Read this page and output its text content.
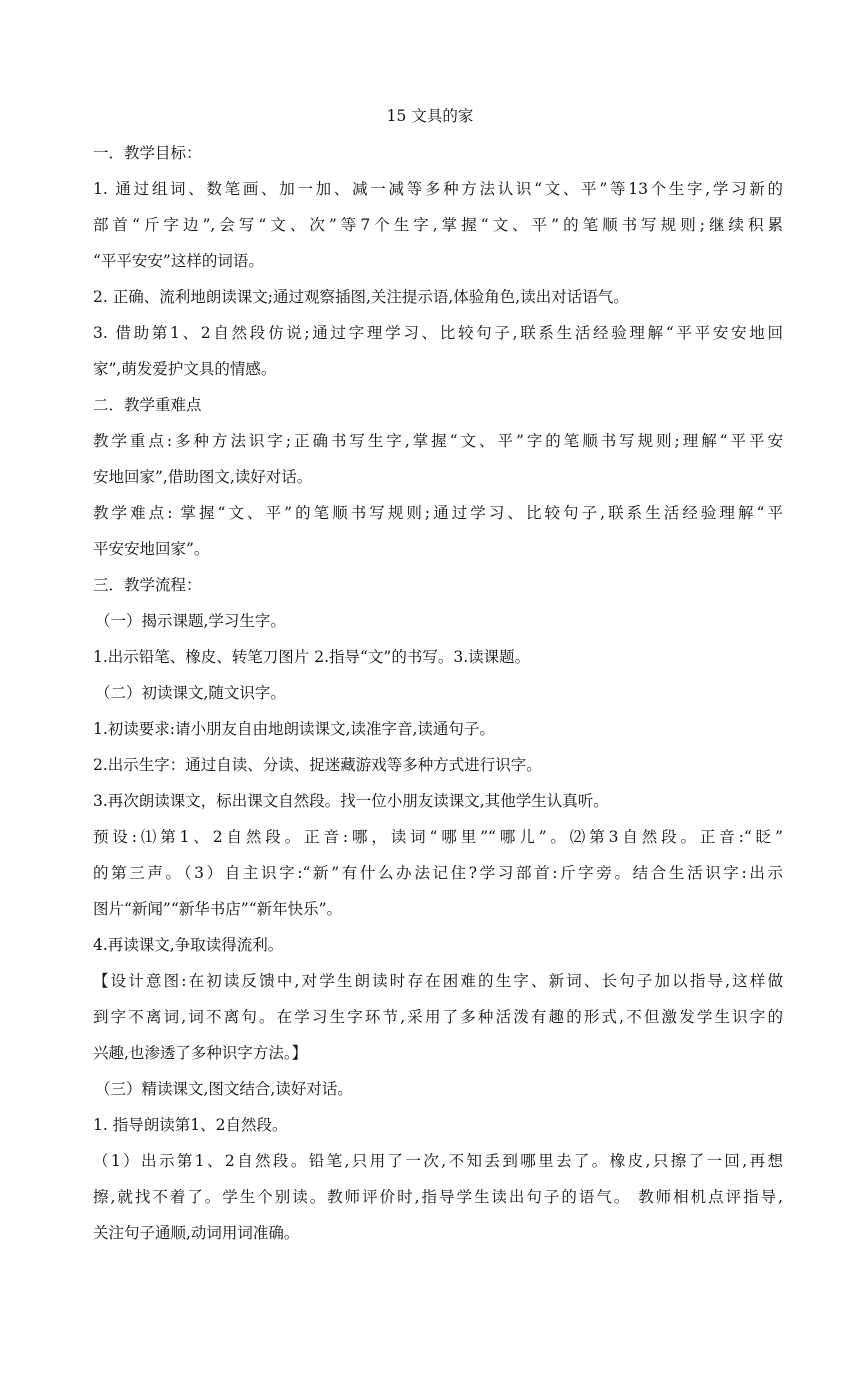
15 文具的家
一．教学目标：
1. 通过组词、数笔画、加一加、减一减等多种方法认识“文、平”等13个生字,学习新的
部首“斤字边”,会写“文、次”等7个生字,掌握“文、平”的笔顺书写规则;继续积累
“平平安安”这样的词语。
2. 正确、流利地朗读课文;通过观察插图,关注提示语,体验角色,读出对话语气。
3. 借助第1、2自然段仿说;通过字理学习、比较句子,联系生活经验理解“平平安安地回
家”,萌发爱护文具的情感。
二．教学重难点
教学重点:多种方法识字;正确书写生字,掌握“文、平”字的笔顺书写规则;理解“平平安
安地回家”,借助图文,读好对话。
教学难点: 掌握“文、平”的笔顺书写规则;通过学习、比较句子,联系生活经验理解“平
平安安地回家”。
三．教学流程：
（一）揭示课题,学习生字。
1.出示铅笔、橡皮、转笔刀图片 2.指导“文”的书写。3.读课题。
（二）初读课文,随文识字。
1.初读要求:请小朋友自由地朗读课文,读准字音,读通句子。
2.出示生字：通过自读、分读、捉迷藏游戏等多种方式进行识字。
3.再次朗读课文，标出课文自然段。找一位小朋友读课文,其他学生认真听。
预设:⑴第1、2自然段。正音:哪，读词“哪里”“哪儿”。⑵第3自然段。正音:“眨”
的第三声。（3）自主识字:“新”有什么办法记住?学习部首:斤字旁。结合生活识字:出示
图片“新闻”“新华书店”“新年快乐”。
4.再读课文,争取读得流利。
【设计意图:在初读反馈中,对学生朗读时存在困难的生字、新词、长句子加以指导,这样做
到字不离词,词不离句。在学习生字环节,采用了多种活泼有趣的形式,不但激发学生识字的
兴趣,也渗透了多种识字方法。】
（三）精读课文,图文结合,读好对话。
1. 指导朗读第1、2自然段。
（1）出示第1、2自然段。铅笔,只用了一次,不知丢到哪里去了。橡皮,只擦了一回,再想
擦,就找不着了。学生个别读。教师评价时,指导学生读出句子的语气。 教师相机点评指导,
关注句子通顺,动词用词准确。
